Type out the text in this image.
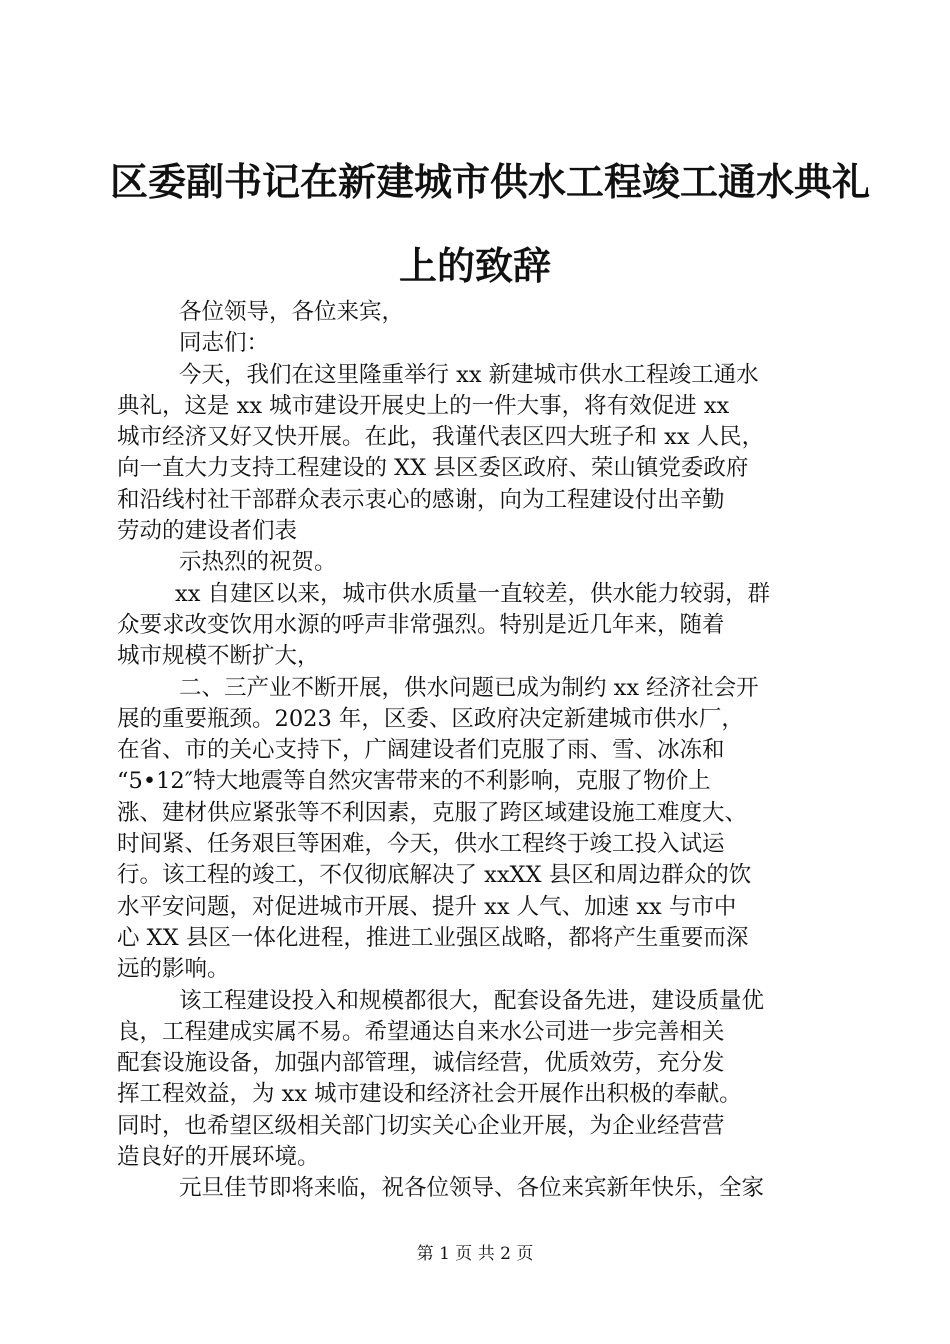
区委副书记在新建城市供水工程竣工通水典礼
上的致辞
各位领导，各位来宾，
同志们：
今天，我们在这里隆重举行 xx 新建城市供水工程竣工通水
典礼，这是 xx 城市建设开展史上的一件大事，将有效促进 xx
城市经济又好又快开展。在此，我谨代表区四大班子和 xx 人民，
向一直大力支持工程建设的 XX 县区委区政府、荣山镇党委政府
和沿线村社干部群众表示衷心的感谢，向为工程建设付出辛勤
劳动的建设者们表
示热烈的祝贺。
xx 自建区以来，城市供水质量一直较差，供水能力较弱，群
众要求改变饮用水源的呼声非常强烈。特别是近几年来，随着
城市规模不断扩大，
二、三产业不断开展，供水问题已成为制约 xx 经济社会开
展的重要瓶颈。2023 年，区委、区政府决定新建城市供水厂，
在省、市的关心支持下，广阔建设者们克服了雨、雪、冰冻和
“5•12″特大地震等自然灾害带来的不利影响，克服了物价上
涨、建材供应紧张等不利因素，克服了跨区域建设施工难度大、
时间紧、任务艰巨等困难，今天，供水工程终于竣工投入试运
行。该工程的竣工，不仅彻底解决了 xxXX 县区和周边群众的饮
水平安问题，对促进城市开展、提升 xx 人气、加速 xx 与市中
心 XX 县区一体化进程，推进工业强区战略，都将产生重要而深
远的影响。
该工程建设投入和规模都很大，配套设备先进，建设质量优
良，工程建成实属不易。希望通达自来水公司进一步完善相关
配套设施设备，加强内部管理，诚信经营，优质效劳，充分发
挥工程效益，为 xx 城市建设和经济社会开展作出积极的奉献。
同时，也希望区级相关部门切实关心企业开展，为企业经营营
造良好的开展环境。
元旦佳节即将来临，祝各位领导、各位来宾新年快乐，全家
第 1 页 共 2 页
